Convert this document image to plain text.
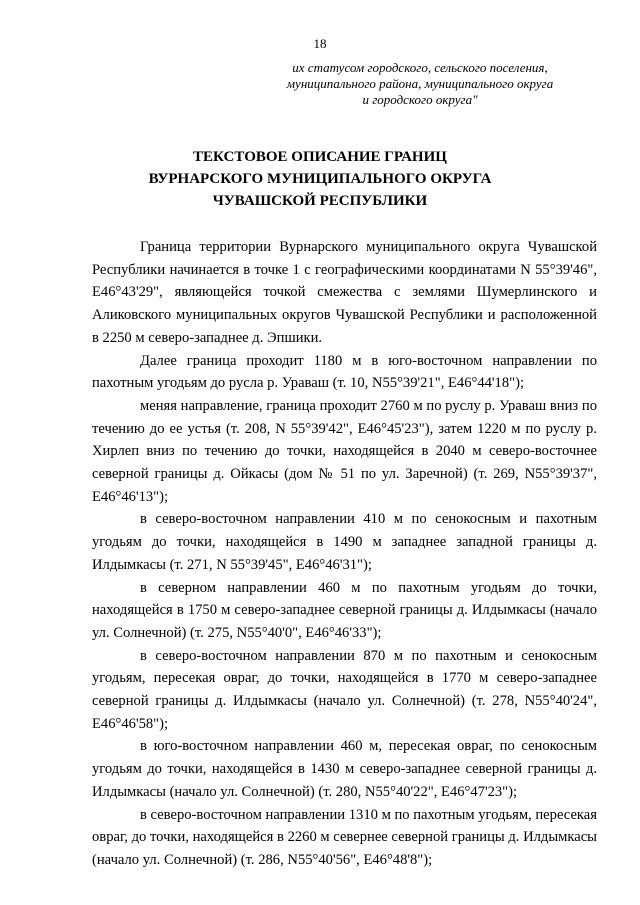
18
их статусом городского, сельского поселения,
муниципального района, муниципального округа
и городского округа"
ТЕКСТОВОЕ ОПИСАНИЕ ГРАНИЦ
ВУРНАРСКОГО МУНИЦИПАЛЬНОГО ОКРУГА
ЧУВАШСКОЙ РЕСПУБЛИКИ

Граница территории Вурнарского муниципального округа Чувашской Республики начинается в точке 1 с географическими координатами N 55°39'46", E46°43'29", являющейся точкой смежества с землями Шумерлинского и Аликовского муниципальных округов Чувашской Республики и расположенной в 2250 м северо-западнее д. Эпшики.

Далее граница проходит 1180 м в юго-восточном направлении по пахотным угодьям до русла р. Ураваш (т. 10, N55°39'21", E46°44'18");

меняя направление, граница проходит 2760 м по руслу р. Ураваш вниз по течению до ее устья (т. 208, N 55°39'42", E46°45'23"), затем 1220 м по руслу р. Хирлеп вниз по течению до точки, находящейся в 2040 м северо-восточнее северной границы д. Ойкасы (дом № 51 по ул. Заречной) (т. 269, N55°39'37", E46°46'13");

в северо-восточном направлении 410 м по сенокосным и пахотным угодьям до точки, находящейся в 1490 м западнее западной границы д. Илдымкасы (т. 271, N 55°39'45", E46°46'31");

в северном направлении 460 м по пахотным угодьям до точки, находящейся в 1750 м северо-западнее северной границы д. Илдымкасы (начало ул. Солнечной) (т. 275, N55°40'0", E46°46'33");

в северо-восточном направлении 870 м по пахотным и сенокосным угодьям, пересекая овраг, до точки, находящейся в 1770 м северо-западнее северной границы д. Илдымкасы (начало ул. Солнечной) (т. 278, N55°40'24", E46°46'58");

в юго-восточном направлении 460 м, пересекая овраг, по сенокосным угодьям до точки, находящейся в 1430 м северо-западнее северной границы д. Илдымкасы (начало ул. Солнечной) (т. 280, N55°40'22", E46°47'23");

в северо-восточном направлении 1310 м по пахотным угодьям, пересекая овраг, до точки, находящейся в 2260 м севернее северной границы д. Илдымкасы (начало ул. Солнечной) (т. 286, N55°40'56", E46°48'8");
